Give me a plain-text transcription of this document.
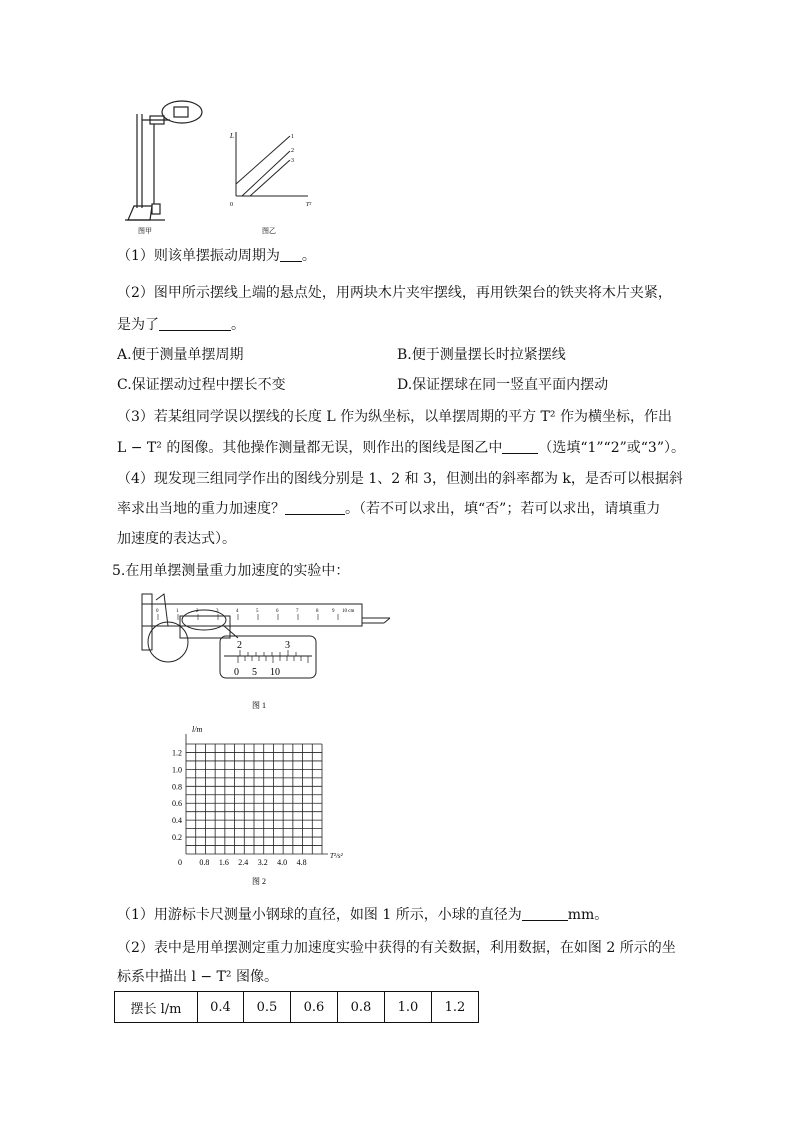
图甲
L
T²
0
1
2
3
图乙
（1）则该单摆振动周期为 。
（2）图甲所示摆线上端的悬点处，用两块木片夹牢摆线，再用铁架台的铁夹将木片夹紧，
是为了	。
A.便于测量单摆周期	B.便于测量摆长时拉紧摆线
C.保证摆动过程中摆长不变	D.保证摆球在同一竖直平面内摆动
（3）若某组同学误以摆线的长度 L 作为纵坐标，以单摆周期的平方 T² 作为横坐标，作出
L − T² 的图像。其他操作测量都无误，则作出的图线是图乙中	（选填“1”“2”或“3”）。
（4）现发现三组同学作出的图线分别是 1、2 和 3，但测出的斜率都为 k，是否可以根据斜
率求出当地的重力加速度？	。（若不可以求出，填“否”；若可以求出，请填重力
加速度的表达式）。
5.在用单摆测量重力加速度的实验中：
0	1	2	3	4	5	6	7	8	9 10 cm
2	3
0 5 10
图 1
0 0.8 1.6 2.4 3.2 4.0 4.8
0.2
0.4
0.6
0.8
1.0
1.2
l/m
T²/s²
图 2
（1）用游标卡尺测量小钢球的直径，如图 1 所示，小球的直径为	mm。
（2）表中是用单摆测定重力加速度实验中获得的有关数据，利用数据，在如图 2 所示的坐
标系中描出 l − T² 图像。
摆长 l/m	0.4	0.5	0.6	0.8	1.0	1.2
